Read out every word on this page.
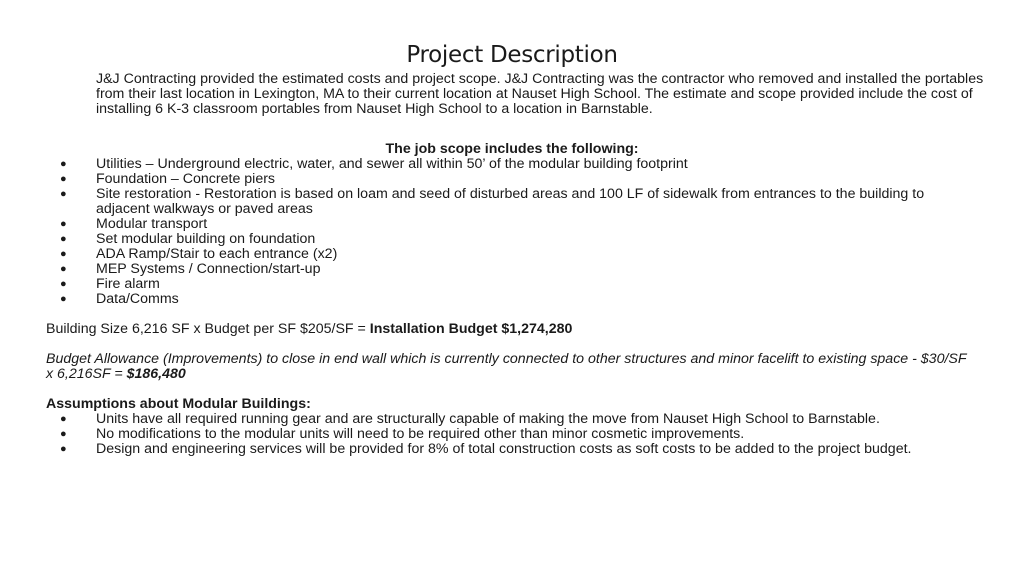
Project Description

J&J Contracting provided the estimated costs and project scope. J&J Contracting was the contractor who removed and installed the portables from their last location in Lexington, MA to their current location at Nauset High School. The estimate and scope provided include the cost of installing 6 K-3 classroom portables from Nauset High School to a location in Barnstable.

The job scope includes the following:

● Utilities – Underground electric, water, and sewer all within 50’ of the modular building footprint
● Foundation – Concrete piers
● Site restoration - Restoration is based on loam and seed of disturbed areas and 100 LF of sidewalk from entrances to the building to adjacent walkways or paved areas
● Modular transport
● Set modular building on foundation
● ADA Ramp/Stair to each entrance (x2)
● MEP Systems / Connection/start-up
● Fire alarm
● Data/Comms

Building Size 6,216 SF x Budget per SF $205/SF = Installation Budget $1,274,280

Budget Allowance (Improvements) to close in end wall which is currently connected to other structures and minor facelift to existing space - $30/SF x 6,216SF = $186,480

Assumptions about Modular Buildings:

● Units have all required running gear and are structurally capable of making the move from Nauset High School to Barnstable.
● No modifications to the modular units will need to be required other than minor cosmetic improvements.
● Design and engineering services will be provided for 8% of total construction costs as soft costs to be added to the project budget.
